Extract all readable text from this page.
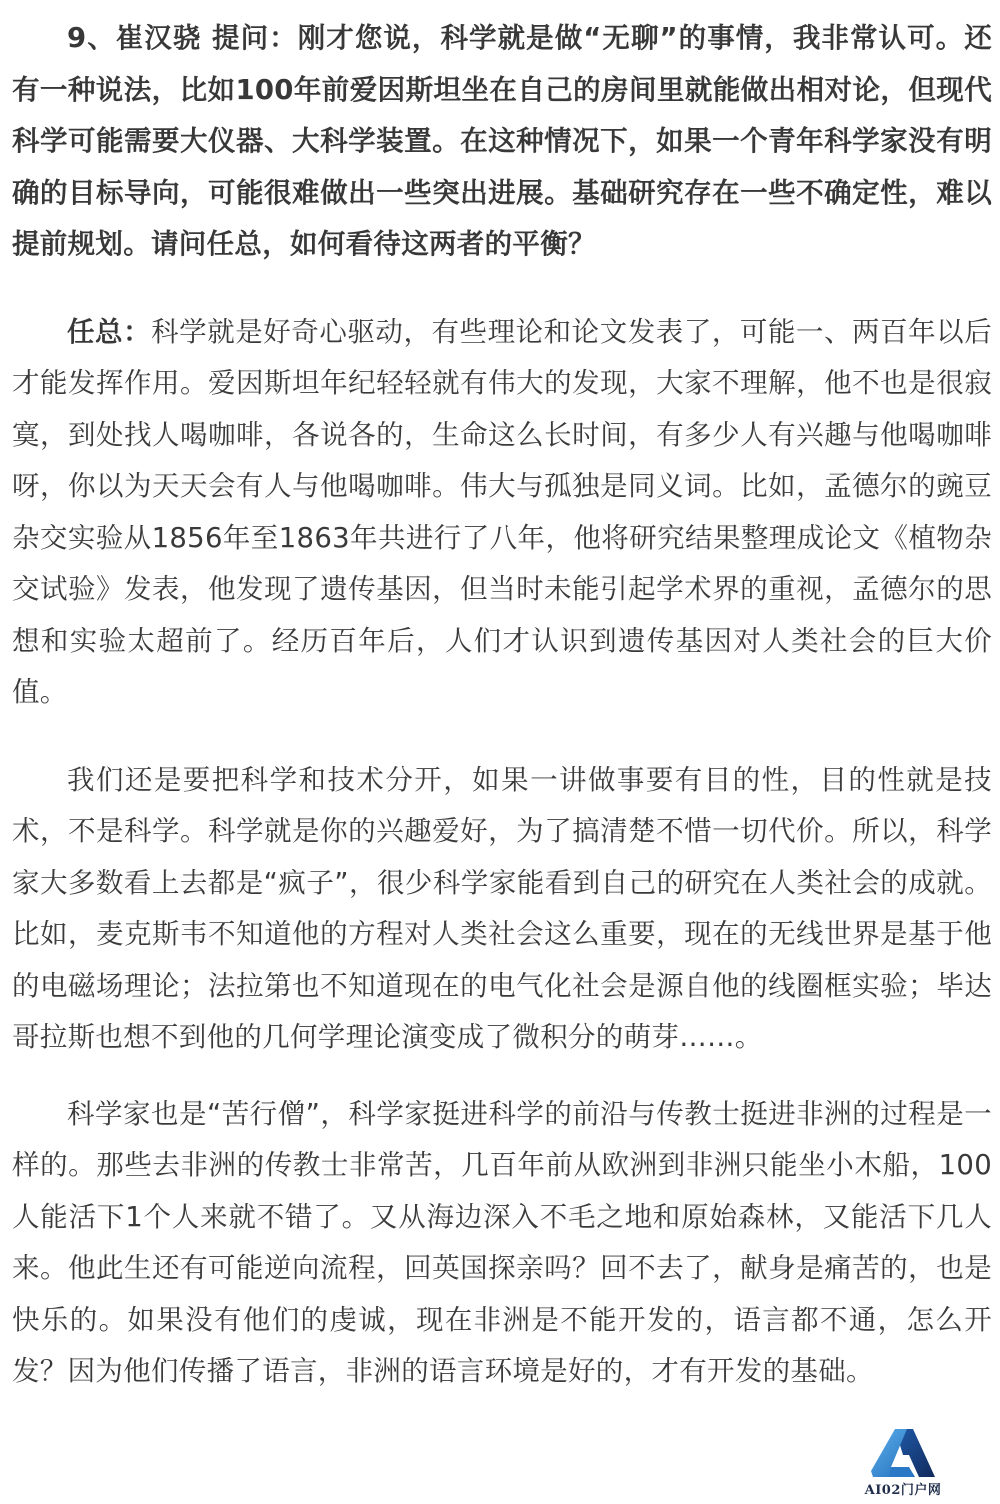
9、崔汉骁 提问：刚才您说，科学就是做“无聊”的事情，我非常认可。还有一种说法，比如100年前爱因斯坦坐在自己的房间里就能做出相对论，但现代科学可能需要大仪器、大科学装置。在这种情况下，如果一个青年科学家没有明确的目标导向，可能很难做出一些突出进展。基础研究存在一些不确定性，难以提前规划。请问任总，如何看待这两者的平衡？

任总：科学就是好奇心驱动，有些理论和论文发表了，可能一、两百年以后才能发挥作用。爱因斯坦年纪轻轻就有伟大的发现，大家不理解，他不也是很寂寞，到处找人喝咖啡，各说各的，生命这么长时间，有多少人有兴趣与他喝咖啡呀，你以为天天会有人与他喝咖啡。伟大与孤独是同义词。比如，孟德尔的豌豆杂交实验从1856年至1863年共进行了八年，他将研究结果整理成论文《植物杂交试验》发表，他发现了遗传基因，但当时未能引起学术界的重视，孟德尔的思想和实验太超前了。经历百年后，人们才认识到遗传基因对人类社会的巨大价值。

我们还是要把科学和技术分开，如果一讲做事要有目的性，目的性就是技术，不是科学。科学就是你的兴趣爱好，为了搞清楚不惜一切代价。所以，科学家大多数看上去都是“疯子”，很少科学家能看到自己的研究在人类社会的成就。比如，麦克斯韦不知道他的方程对人类社会这么重要，现在的无线世界是基于他的电磁场理论；法拉第也不知道现在的电气化社会是源自他的线圈框实验；毕达哥拉斯也想不到他的几何学理论演变成了微积分的萌芽……。

科学家也是“苦行僧”，科学家挺进科学的前沿与传教士挺进非洲的过程是一样的。那些去非洲的传教士非常苦，几百年前从欧洲到非洲只能坐小木船，100人能活下1个人来就不错了。又从海边深入不毛之地和原始森林，又能活下几人来。他此生还有可能逆向流程，回英国探亲吗？回不去了，献身是痛苦的，也是快乐的。如果没有他们的虔诚，现在非洲是不能开发的，语言都不通，怎么开发？因为他们传播了语言，非洲的语言环境是好的，才有开发的基础。

AI02门户网
